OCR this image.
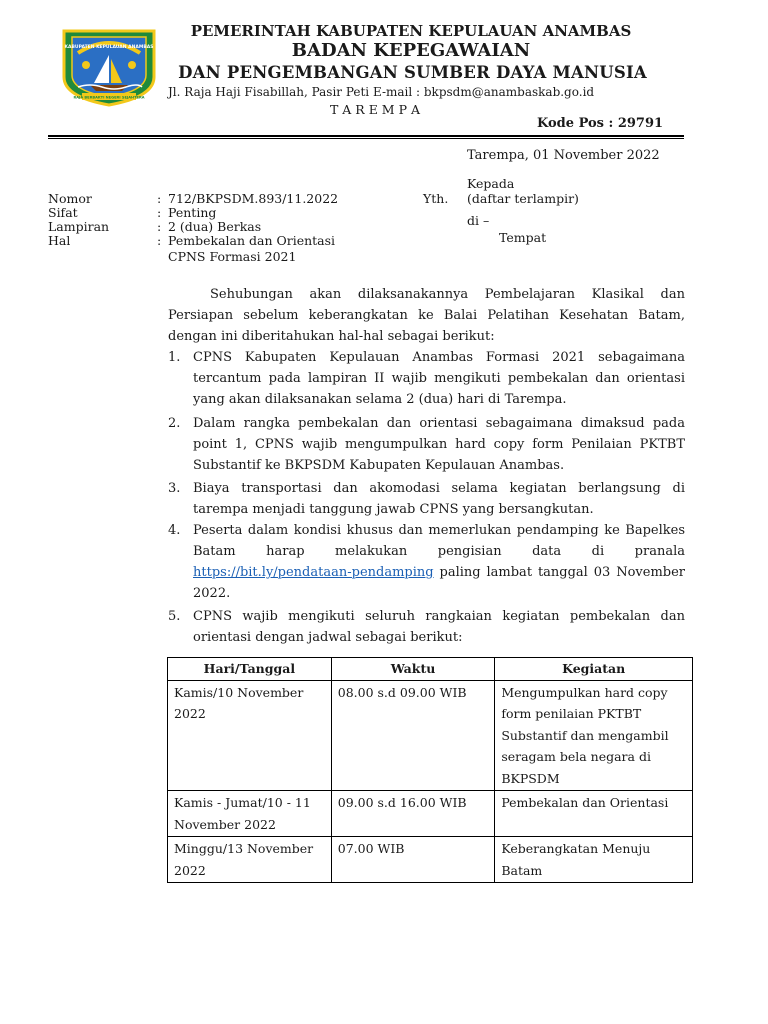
KABUPATEN KEPULAUAN ANAMBAS
RAJA BERBAKTI NEGERI SEJAHTERA
PEMERINTAH KABUPATEN KEPULAUAN ANAMBAS
BADAN KEPEGAWAIAN
DAN PENGEMBANGAN SUMBER DAYA MANUSIA
Jl. Raja Haji Fisabillah, Pasir Peti E-mail : bkpsdm@anambaskab.go.id
T A R E M P A
Kode Pos : 29791
Tarempa, 01 November 2022
Yth.
Kepada
(daftar terlampir)
di –
Tempat
Nomor	: 712/BKPSDM.893/11.2022
Sifat	: Penting
Lampiran	: 2 (dua) Berkas
Hal	: Pembekalan dan Orientasi
CPNS Formasi 2021
Sehubungan akan dilaksanakannya Pembelajaran Klasikal dan Persiapan sebelum keberangkatan ke Balai Pelatihan Kesehatan Batam, dengan ini diberitahukan hal-hal sebagai berikut:
1. CPNS Kabupaten Kepulauan Anambas Formasi 2021 sebagaimana tercantum pada lampiran II wajib mengikuti pembekalan dan orientasi yang akan dilaksanakan selama 2 (dua) hari di Tarempa.
2. Dalam rangka pembekalan dan orientasi sebagaimana dimaksud pada point 1, CPNS wajib mengumpulkan hard copy form Penilaian PKTBT Substantif ke BKPSDM Kabupaten Kepulauan Anambas.
3. Biaya transportasi dan akomodasi selama kegiatan berlangsung di tarempa menjadi tanggung jawab CPNS yang bersangkutan.
4. Peserta dalam kondisi khusus dan memerlukan pendamping ke Bapelkes Batam harap melakukan pengisian data di pranala https://bit.ly/pendataan-pendamping paling lambat tanggal 03 November 2022.
5. CPNS wajib mengikuti seluruh rangkaian kegiatan pembekalan dan orientasi dengan jadwal sebagai berikut:
Hari/Tanggal	Waktu	Kegiatan
Kamis/10 November 2022	08.00 s.d 09.00 WIB	Mengumpulkan hard copy form penilaian PKTBT Substantif dan mengambil seragam bela negara di BKPSDM
Kamis - Jumat/10 - 11 November 2022	09.00 s.d 16.00 WIB	Pembekalan dan Orientasi
Minggu/13 November 2022	07.00 WIB	Keberangkatan Menuju Batam
